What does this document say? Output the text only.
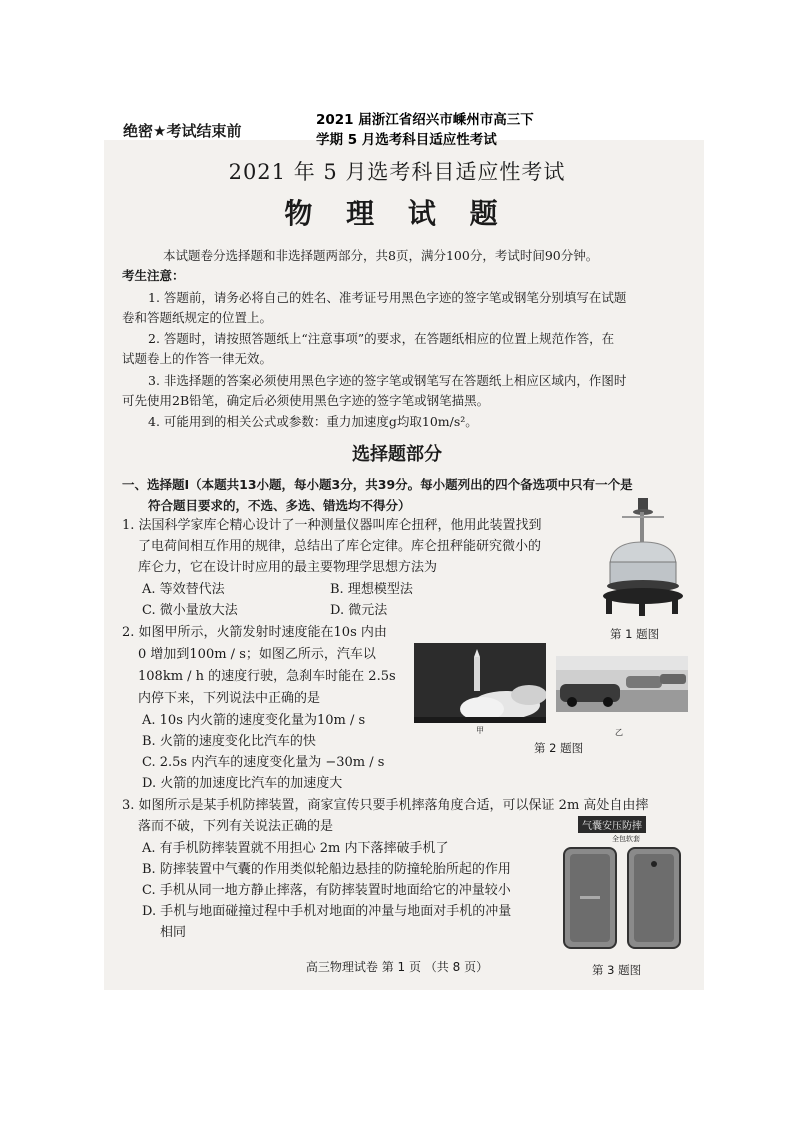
绝密★考试结束前
2021 届浙江省绍兴市嵊州市高三下
学期 5 月选考科目适应性考试
2021 年 5 月选考科目适应性考试
物 理 试 题
本试题卷分选择题和非选择题两部分，共8页，满分100分，考试时间90分钟。
考生注意：
1. 答题前，请务必将自己的姓名、准考证号用黑色字迹的签字笔或钢笔分别填写在试题
卷和答题纸规定的位置上。
2. 答题时，请按照答题纸上“注意事项”的要求，在答题纸相应的位置上规范作答，在
试题卷上的作答一律无效。
3. 非选择题的答案必须使用黑色字迹的签字笔或钢笔写在答题纸上相应区域内，作图时
可先使用2B铅笔，确定后必须使用黑色字迹的签字笔或钢笔描黑。
4. 可能用到的相关公式或参数：重力加速度g均取10m/s²。
选择题部分
一、选择题Ⅰ（本题共13小题，每小题3分，共39分。每小题列出的四个备选项中只有一个是
符合题目要求的，不选、多选、错选均不得分）
1. 法国科学家库仑精心设计了一种测量仪器叫库仑扭秤，他用此装置找到
了电荷间相互作用的规律，总结出了库仑定律。库仑扭秤能研究微小的
库仑力，它在设计时应用的最主要物理学思想方法为
A. 等效替代法	B. 理想模型法
C. 微小量放大法	D. 微元法
第 1 题图
2. 如图甲所示，火箭发射时速度能在10s 内由
0 增加到100m / s；如图乙所示，汽车以
108km / h 的速度行驶，急刹车时能在 2.5s
内停下来，下列说法中正确的是
A. 10s 内火箭的速度变化量为10m / s
B. 火箭的速度变化比汽车的快
C. 2.5s 内汽车的速度变化量为 −30m / s
D. 火箭的加速度比汽车的加速度大
甲	乙
第 2 题图
3. 如图所示是某手机防摔装置，商家宣传只要手机摔落角度合适，可以保证 2m 高处自由摔
落而不破，下列有关说法正确的是
A. 有手机防摔装置就不用担心 2m 内下落摔破手机了
B. 防摔装置中气囊的作用类似轮船边悬挂的防撞轮胎所起的作用
C. 手机从同一地方静止摔落，有防摔装置时地面给它的冲量较小
D. 手机与地面碰撞过程中手机对地面的冲量与地面对手机的冲量
相同
气囊安压防摔
全包软套
第 3 题图
高三物理试卷 第 1 页 （共 8 页）
